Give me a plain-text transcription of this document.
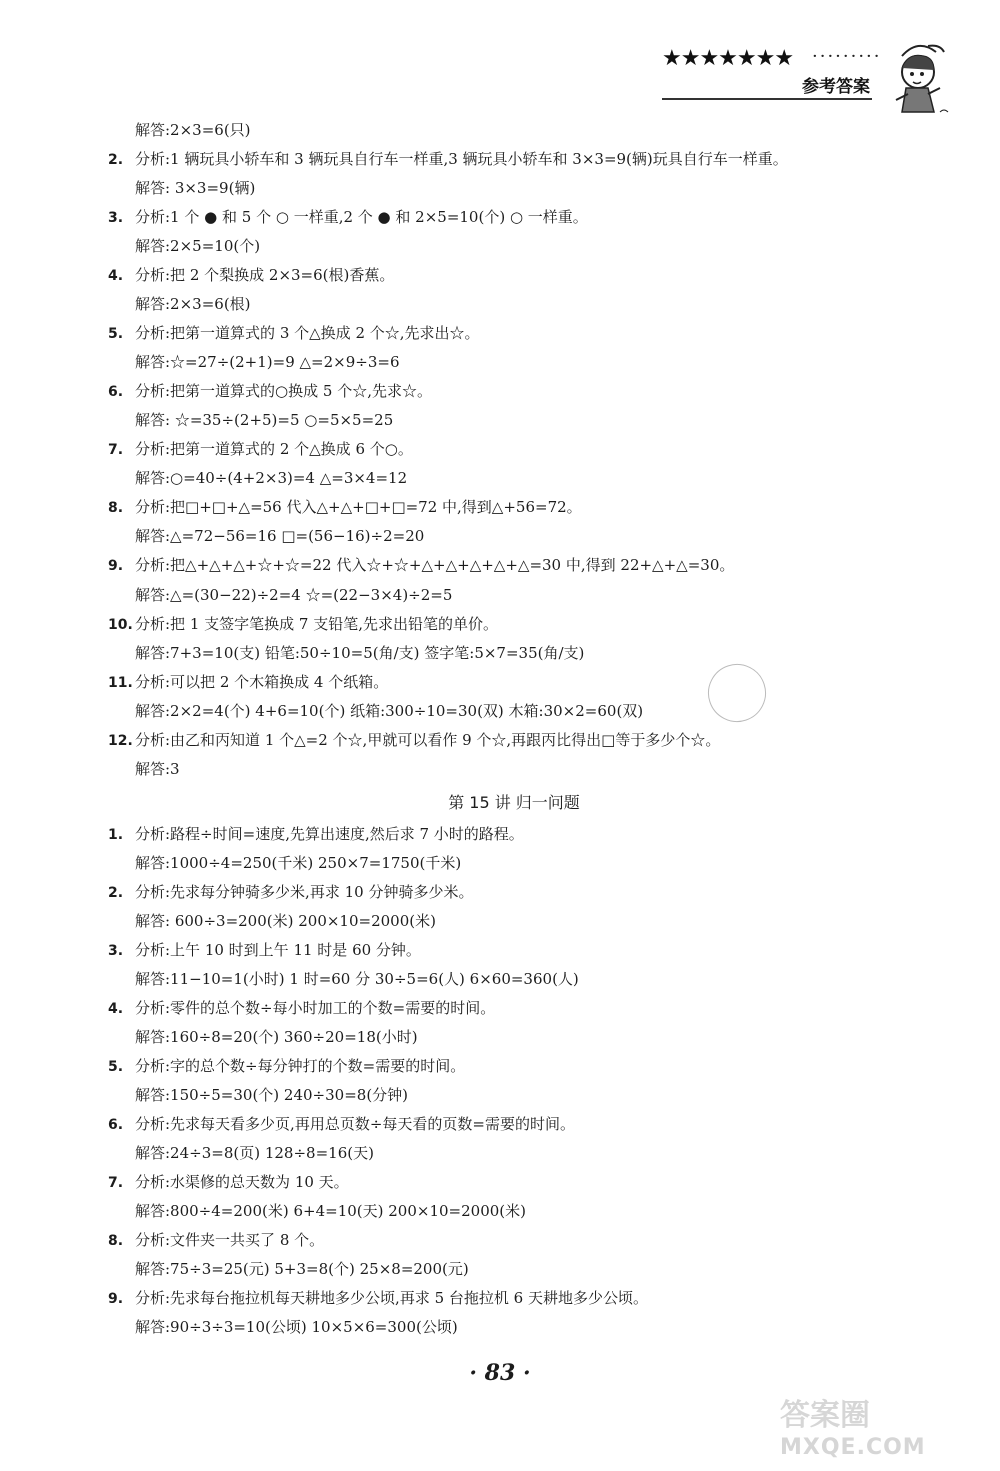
★★★★★★★ ·········
参考答案
解答:2×3=6(只)
2. 分析:1 辆玩具小轿车和 3 辆玩具自行车一样重,3 辆玩具小轿车和 3×3=9(辆)玩具自行车一样重。
解答: 3×3=9(辆)
3. 分析:1 个 ● 和 5 个 ○ 一样重,2 个 ● 和 2×5=10(个) ○ 一样重。
解答:2×5=10(个)
4. 分析:把 2 个梨换成 2×3=6(根)香蕉。
解答:2×3=6(根)
5. 分析:把第一道算式的 3 个△换成 2 个☆,先求出☆。
解答:☆=27÷(2+1)=9 △=2×9÷3=6
6. 分析:把第一道算式的○换成 5 个☆,先求☆。
解答: ☆=35÷(2+5)=5 ○=5×5=25
7. 分析:把第一道算式的 2 个△换成 6 个○。
解答:○=40÷(4+2×3)=4 △=3×4=12
8. 分析:把□+□+△=56 代入△+△+□+□=72 中,得到△+56=72。
解答:△=72−56=16 □=(56−16)÷2=20
9. 分析:把△+△+△+☆+☆=22 代入☆+☆+△+△+△+△+△=30 中,得到 22+△+△=30。
解答:△=(30−22)÷2=4 ☆=(22−3×4)÷2=5
10. 分析:把 1 支签字笔换成 7 支铅笔,先求出铅笔的单价。
解答:7+3=10(支) 铅笔:50÷10=5(角/支) 签字笔:5×7=35(角/支)
11. 分析:可以把 2 个木箱换成 4 个纸箱。
解答:2×2=4(个) 4+6=10(个) 纸箱:300÷10=30(双) 木箱:30×2=60(双)
12. 分析:由乙和丙知道 1 个△=2 个☆,甲就可以看作 9 个☆,再跟丙比得出□等于多少个☆。
解答:3
第 15 讲 归一问题
1. 分析:路程÷时间=速度,先算出速度,然后求 7 小时的路程。
解答:1000÷4=250(千米) 250×7=1750(千米)
2. 分析:先求每分钟骑多少米,再求 10 分钟骑多少米。
解答: 600÷3=200(米) 200×10=2000(米)
3. 分析:上午 10 时到上午 11 时是 60 分钟。
解答:11−10=1(小时) 1 时=60 分 30÷5=6(人) 6×60=360(人)
4. 分析:零件的总个数÷每小时加工的个数=需要的时间。
解答:160÷8=20(个) 360÷20=18(小时)
5. 分析:字的总个数÷每分钟打的个数=需要的时间。
解答:150÷5=30(个) 240÷30=8(分钟)
6. 分析:先求每天看多少页,再用总页数÷每天看的页数=需要的时间。
解答:24÷3=8(页) 128÷8=16(天)
7. 分析:水渠修的总天数为 10 天。
解答:800÷4=200(米) 6+4=10(天) 200×10=2000(米)
8. 分析:文件夹一共买了 8 个。
解答:75÷3=25(元) 5+3=8(个) 25×8=200(元)
9. 分析:先求每台拖拉机每天耕地多少公顷,再求 5 台拖拉机 6 天耕地多少公顷。
解答:90÷3÷3=10(公顷) 10×5×6=300(公顷)
· 83 ·
答案圈
MXQE.COM
